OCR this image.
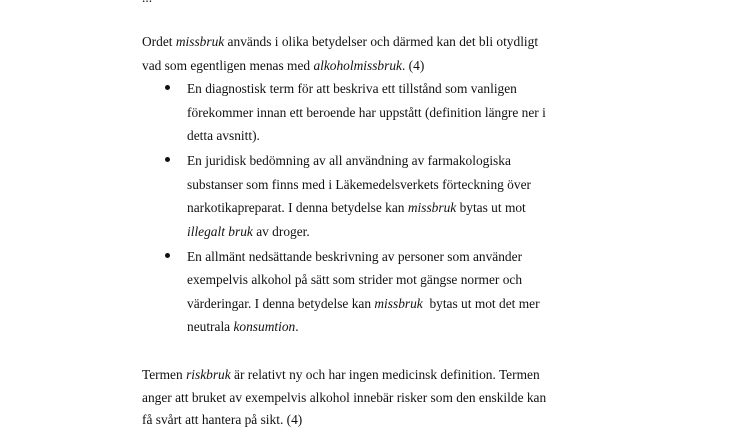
Ordet missbruk används i olika betydelser och därmed kan det bli otydligt
vad som egentligen menas med alkoholmissbruk. (4)
En diagnostisk term för att beskriva ett tillstånd som vanligen
förekommer innan ett beroende har uppstått (definition längre ner i
detta avsnitt).
En juridisk bedömning av all användning av farmakologiska
substanser som finns med i Läkemedelsverkets förteckning över
narkotikapreparat. I denna betydelse kan missbruk bytas ut mot
illegalt bruk av droger.
En allmänt nedsättande beskrivning av personer som använder
exempelvis alkohol på sätt som strider mot gängse normer och
värderingar. I denna betydelse kan missbruk  bytas ut mot det mer
neutrala konsumtion.
Termen riskbruk är relativt ny och har ingen medicinsk definition. Termen
anger att bruket av exempelvis alkohol innebär risker som den enskilde kan
få svårt att hantera på sikt. (4)
